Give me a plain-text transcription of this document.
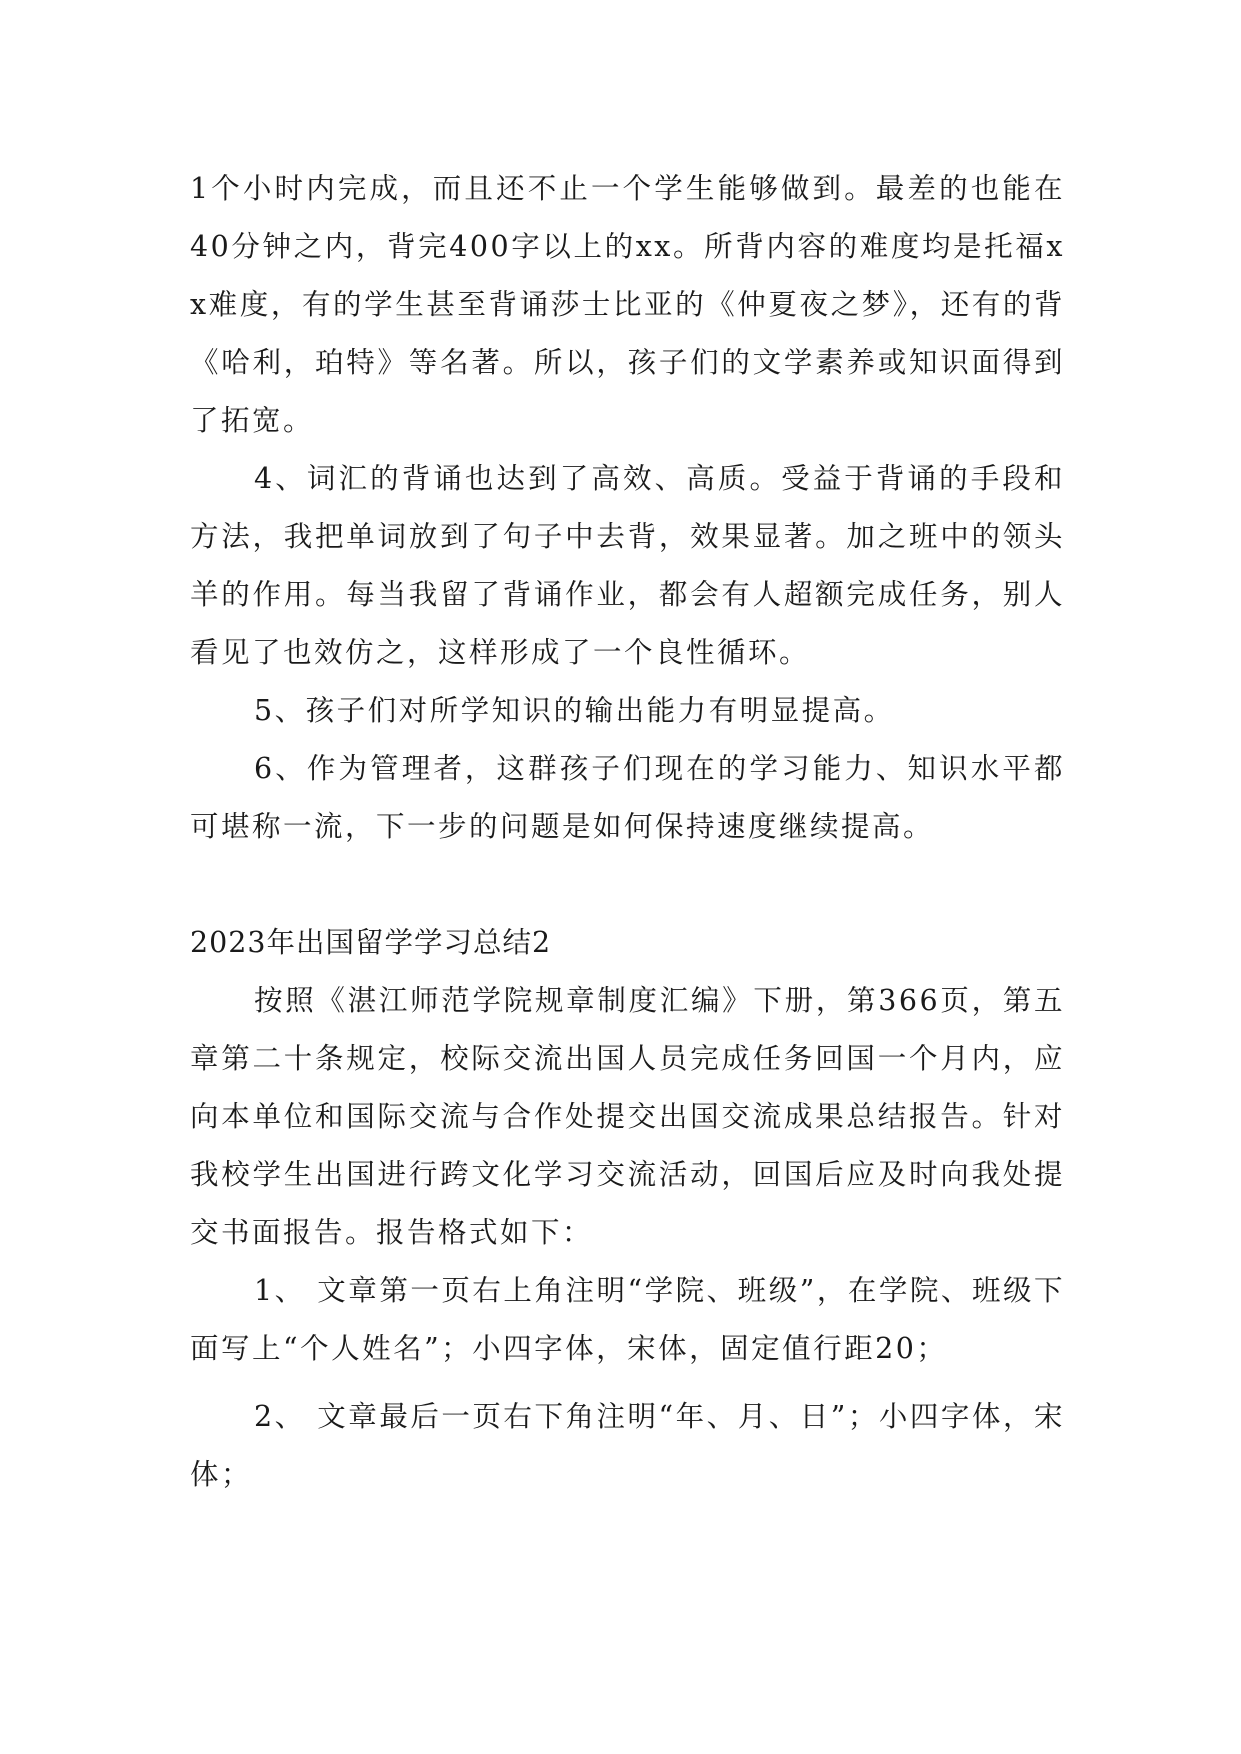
1个小时内完成，而且还不止一个学生能够做到。最差的也能在40分钟之内，背完400字以上的xx。所背内容的难度均是托福xx难度，有的学生甚至背诵莎士比亚的《仲夏夜之梦》，还有的背《哈利，珀特》等名著。所以，孩子们的文学素养或知识面得到了拓宽。

4、词汇的背诵也达到了高效、高质。受益于背诵的手段和方法，我把单词放到了句子中去背，效果显著。加之班中的领头羊的作用。每当我留了背诵作业，都会有人超额完成任务，别人看见了也效仿之，这样形成了一个良性循环。

5、孩子们对所学知识的输出能力有明显提高。

6、作为管理者，这群孩子们现在的学习能力、知识水平都可堪称一流，下一步的问题是如何保持速度继续提高。

2023年出国留学学习总结2

按照《湛江师范学院规章制度汇编》下册，第366页，第五章第二十条规定，校际交流出国人员完成任务回国一个月内，应向本单位和国际交流与合作处提交出国交流成果总结报告。针对我校学生出国进行跨文化学习交流活动，回国后应及时向我处提交书面报告。报告格式如下：

1、 文章第一页右上角注明“学院、班级”，在学院、班级下面写上“个人姓名”；小四字体，宋体，固定值行距20；

2、 文章最后一页右下角注明“年、月、日”；小四字体，宋体；
